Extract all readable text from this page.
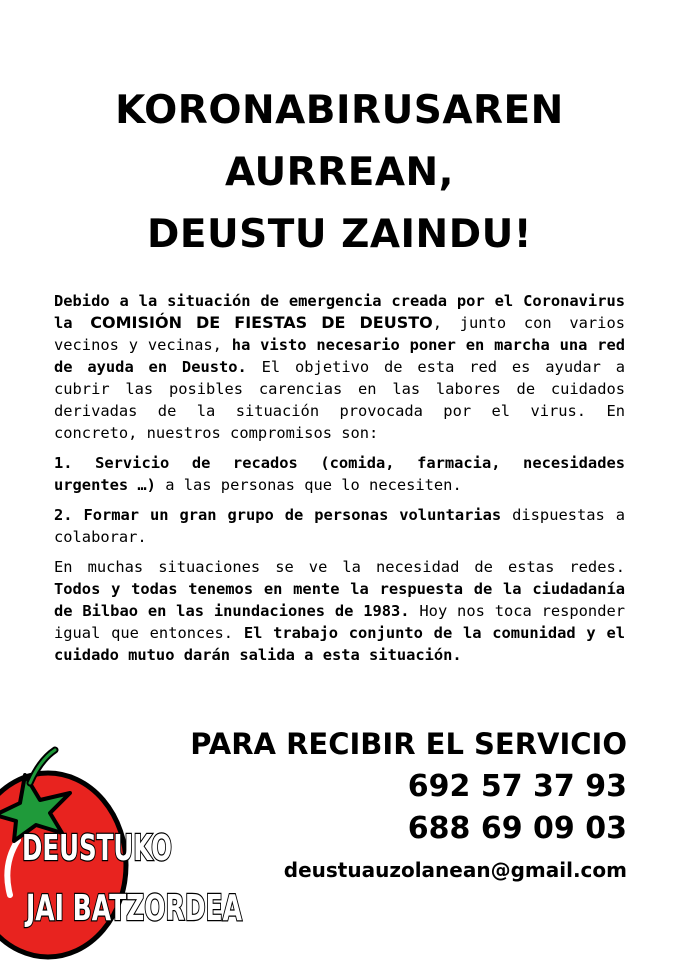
KORONABIRUSAREN
AURREAN,
DEUSTU ZAINDU!

Debido a la situación de emergencia creada por el Coronavirus la COMISIÓN DE FIESTAS DE DEUSTO, junto con varios vecinos y vecinas, ha visto necesario poner en marcha una red de ayuda en Deusto. El objetivo de esta red es ayudar a cubrir las posibles carencias en las labores de cuidados derivadas de la situación provocada por el virus. En concreto, nuestros compromisos son:

1. Servicio de recados (comida, farmacia, necesidades urgentes …) a las personas que lo necesiten.

2. Formar un gran grupo de personas voluntarias dispuestas a colaborar.

En muchas situaciones se ve la necesidad de estas redes. Todos y todas tenemos en mente la respuesta de la ciudadanía de Bilbao en las inundaciones de 1983. Hoy nos toca responder igual que entonces. El trabajo conjunto de la comunidad y el cuidado mutuo darán salida a esta situación.

PARA RECIBIR EL SERVICIO
692 57 37 93
688 69 09 03
deustuauzolanean@gmail.com
DEUSTUKO
JAI BATZORDEA
